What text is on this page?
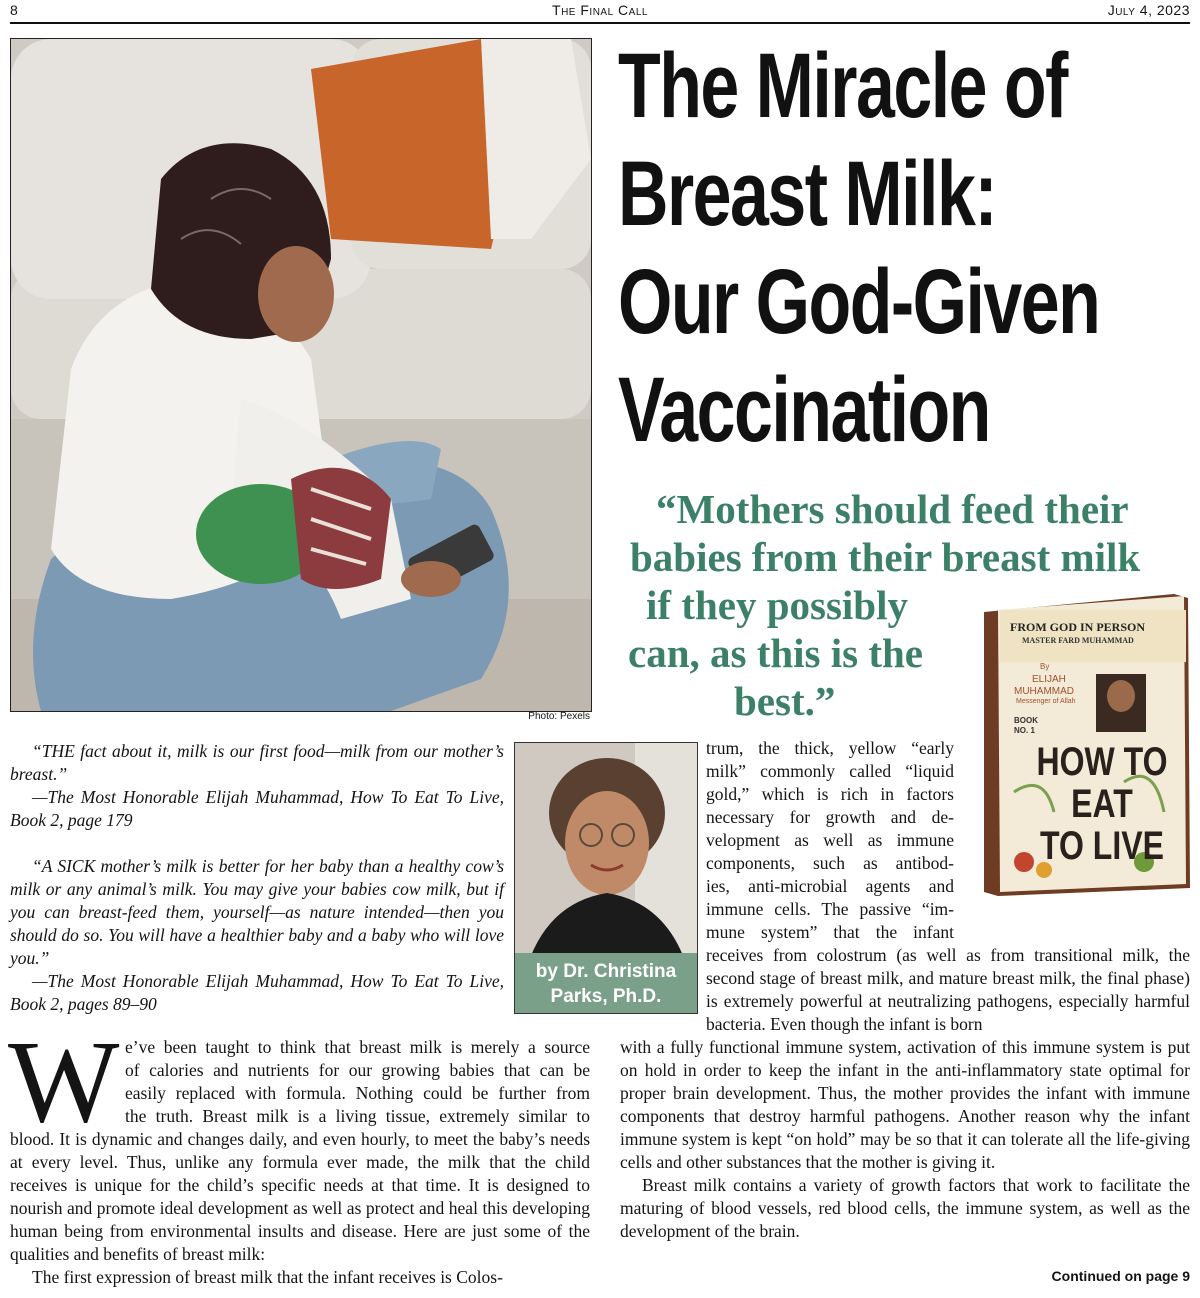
8	The Final Call	July 4, 2023
Photo: Pexels
The Miracle of
Breast Milk:
Our God-Given
Vaccination
“Mothers should feed their
babies from their breast milk
if they possibly
can, as this is the
best.”
FROM GOD IN PERSON
MASTER FARD MUHAMMAD
By
ELIJAH
MUHAMMAD
Messenger of Allah
BOOK
NO. 1
HOW TO
EAT
TO LIVE

“THE fact about it, milk is our first food—milk from our mother’s breast.”

—The Most Honorable Elijah Muhammad, How To Eat To Live, Book 2, page 179

“A SICK mother’s milk is better for her baby than a healthy cow’s milk or any animal’s milk. You may give your babies cow milk, but if you can breast-feed them, yourself—as nature intended—then you should do so. You will have a healthier baby and a baby who will love you.”

—The Most Honorable Elijah Muhammad, How To Eat To Live, Book 2, pages 89–90

by Dr. Christina
Parks, Ph.D.
trum, the thick, yellow “early
milk” commonly called “liquid
gold,” which is rich in factors
necessary for growth and de-
velopment as well as immune
components, such as antibod-
ies, anti-microbial agents and
immune cells. The passive “im-
mune system” that the infant
receives from colostrum (as well as from transitional milk, the second stage of breast milk, and mature breast milk, the final phase) is extremely powerful at neutralizing pathogens, especially harmful bacteria. Even though the infant is born
W e’ve been taught to think that breast milk is merely a source
of calories and nutrients for our growing babies that can be
easily replaced with formula. Nothing could be further from
the truth. Breast milk is a living tissue, extremely similar to

blood. It is dynamic and changes daily, and even hourly, to meet the baby’s needs at every level. Thus, unlike any formula ever made, the milk that the child receives is unique for the child’s specific needs at that time. It is designed to nourish and promote ideal development as well as protect and heal this developing human being from environmental insults and disease. Here are just some of the qualities and benefits of breast milk:

The first expression of breast milk that the infant receives is Colos-

with a fully functional immune system, activation of this immune system is put on hold in order to keep the infant in the anti-inflammatory state optimal for proper brain development. Thus, the mother provides the infant with immune components that destroy harmful pathogens. Another reason why the infant immune system is kept “on hold” may be so that it can tolerate all the life-giving cells and other substances that the mother is giving it.

Breast milk contains a variety of growth factors that work to facilitate the maturing of blood vessels, red blood cells, the immune system, as well as the development of the brain.

Continued on page 9
